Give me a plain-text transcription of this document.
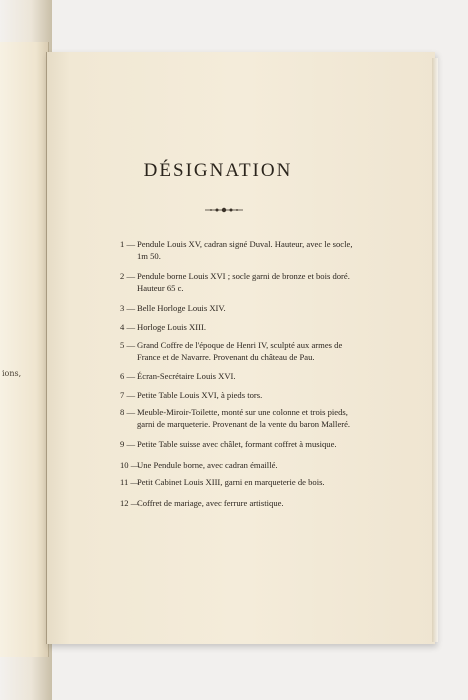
ions,
DÉSIGNATION
1 — Pendule Louis XV, cadran signé Duval. Hauteur, avec le socle, 1m 50.
2 — Pendule borne Louis XVI ; socle garni de bronze et bois doré. Hauteur 65 c.
3 — Belle Horloge Louis XIV.
4 — Horloge Louis XIII.
5 — Grand Coffre de l'époque de Henri IV, sculpté aux armes de France et de Navarre. Provenant du château de Pau.
6 — Écran-Secrétaire Louis XVI.
7 — Petite Table Louis XVI, à pieds tors.
8 — Meuble-Miroir-Toilette, monté sur une colonne et trois pieds, garni de marqueterie. Provenant de la vente du baron Malleré.
9 — Petite Table suisse avec châlet, formant coffret à musique.
10 —
Une Pendule borne, avec cadran émaillé.
11 —
Petit Cabinet Louis XIII, garni en marqueterie de bois.
12 —
Coffret de mariage, avec ferrure artistique.
